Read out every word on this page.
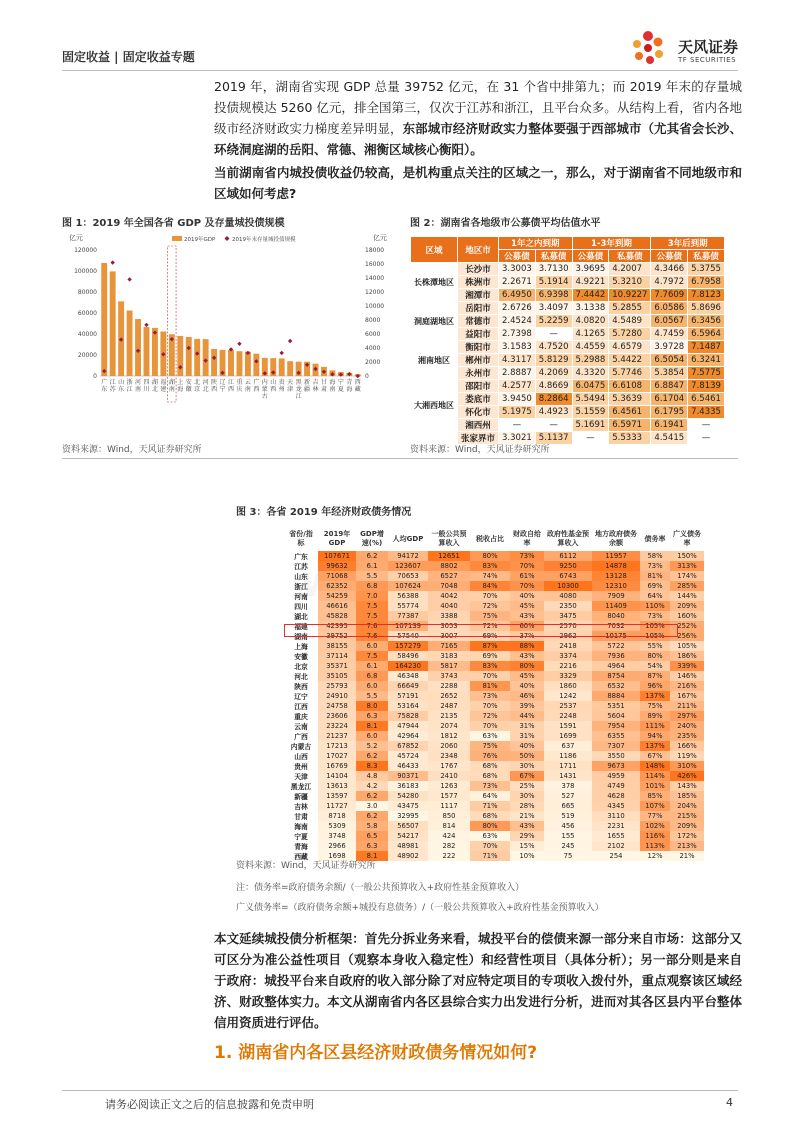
固定收益 | 固定收益专题
天风证券
TF SECURITIES
2019 年，湖南省实现 GDP 总量 39752 亿元，在 31 个省中排第九；而 2019 年末的存量城投债规模达 5260 亿元，排全国第三，仅次于江苏和浙江，且平台众多。从结构上看，省内各地级市经济财政实力梯度差异明显，东部城市经济财政实力整体要强于西部城市（尤其省会长沙、环绕洞庭湖的岳阳、常德、湘衡区域核心衡阳）。
当前湖南省内城投债收益仍较高，是机构重点关注的区域之一，那么，对于湖南省不同地级市和区域如何考虑?
图 1：2019 年全国各省 GDP 及存量城投债规模
亿元	亿元
0
20000
40000
60000
80000
100000
120000
0
2000
4000
6000
8000
10000
12000
14000
16000
18000
2019年GDP	2019年末存量城投债规模
广
东
江
苏
山
东
浙
江
河
南
四
川
湖
北
福
建
湖
南
上
海
安
徽
北
京
河
北
陕
西
辽
宁
江
西
重
庆
云
南
广
西
内
蒙
古
山
西
贵
州
天
津
黑
龙
江
新
疆
吉
林
甘
肃
海
南
宁
夏
青
海
西
藏
资料来源：Wind，天风证券研究所
图 2：湖南省各地级市公募债平均估值水平
区域	地区市	1年之内到期		1-3年到期		3年后到期	
		公募债	私募债	公募债	私募债	公募债	私募债
长株潭地区	长沙市	3.3003	3.7130	3.9695	4.2007	4.3466	5.3755
	株洲市	2.2671	5.1914	4.9221	5.3210	4.7972	6.7958
	湘潭市	6.4950	6.9398	7.4442	10.9227	7.7609	7.8123
洞庭湖地区	岳阳市	2.6726	3.4097	3.1338	5.2855	6.0586	5.8696
	常德市	2.4524	5.2259	4.0820	4.5489	6.0567	6.3456
	益阳市	2.7398	—	4.1265	5.7280	4.7459	6.5964
湘南地区	衡阳市	3.1583	4.7520	4.4559	4.6579	3.9728	7.1487
	郴州市	4.3117	5.8129	5.2988	5.4422	6.5054	6.3241
	永州市	2.8887	4.2069	4.3320	5.7746	5.3854	7.5775
大湘西地区	邵阳市	4.2577	4.8669	6.0475	6.6108	6.8847	7.8139
	娄底市	3.9450	8.2864	5.5494	5.3639	6.1704	6.5461
	怀化市	5.1975	4.4923	5.1559	6.4561	6.1795	7.4335
	湘西州	—	—	5.1691	6.5971	6.1941	—
	张家界市	3.3021	5.1137	—	5.5333	4.5415	—
资料来源：Wind，天风证券研究所
图 3：各省 2019 年经济财政债务情况
省份/指标	2019年GDP	GDP增速(%)	人均GDP	一般公共预算收入	税收占比	财政自给率	政府性基金预算收入	地方政府债务余额	债务率	广义债务率
广东	107671	6.2	94172	12651	80%	73%	6112	11957	58%	150%
江苏	99632	6.1	123607	8802	83%	70%	9250	14878	73%	313%
山东	71068	5.5	70653	6527	74%	61%	6743	13128	81%	174%
浙江	62352	6.8	107624	7048	84%	70%	10300	12310	69%	285%
河南	54259	7.0	56388	4042	70%	40%	4080	7909	64%	144%
四川	46616	7.5	55774	4040	72%	45%	2350	11409	110%	209%
湖北	45828	7.5	77387	3388	75%	43%	3475	8040	73%	160%
福建	42395	7.6	107139	3053	72%	60%	2570	7032	105%	252%
湖南	39752	7.6	57540	3007	69%	37%	2962	10175	105%	256%
上海	38155	6.0	157279	7165	87%	88%	2418	5722	55%	105%
安徽	37114	7.5	58496	3183	69%	43%	3374	7936	80%	186%
北京	35371	6.1	164230	5817	83%	80%	2216	4964	54%	339%
河北	35105	6.8	46348	3743	70%	45%	3329	8754	87%	146%
陕西	25793	6.0	66649	2288	81%	40%	1860	6532	96%	216%
辽宁	24910	5.5	57191	2652	73%	46%	1242	8884	137%	167%
江西	24758	8.0	53164	2487	70%	39%	2537	5351	75%	211%
重庆	23606	6.3	75828	2135	72%	44%	2248	5604	89%	297%
云南	23224	8.1	47944	2074	70%	31%	1591	7954	111%	240%
广西	21237	6.0	42964	1812	63%	31%	1699	6355	94%	235%
内蒙古	17213	5.2	67852	2060	75%	40%	637	7307	137%	166%
山西	17027	6.2	45724	2348	76%	50%	1186	3550	67%	119%
贵州	16769	8.3	46433	1767	68%	30%	1711	9673	148%	310%
天津	14104	4.8	90371	2410	68%	67%	1431	4959	114%	426%
黑龙江	13613	4.2	36183	1263	73%	25%	378	4749	101%	143%
新疆	13597	6.2	54280	1577	64%	30%	527	4628	85%	185%
吉林	11727	3.0	43475	1117	71%	28%	665	4345	107%	204%
甘肃	8718	6.2	32995	850	68%	21%	519	3110	77%	215%
海南	5309	5.8	56507	814	80%	43%	456	2231	102%	209%
宁夏	3748	6.5	54217	424	63%	29%	155	1655	116%	172%
青海	2966	6.3	48981	282	70%	15%	245	2102	113%	213%
西藏	1698	8.1	48902	222	71%	10%	75	254	12%	21%
资料来源：Wind，天风证券研究所
注：债务率=政府债务余额/（一般公共预算收入+政府性基金预算收入）
广义债务率=（政府债务余额+城投有息债务）/（一般公共预算收入+政府性基金预算收入）
本文延续城投债分析框架：首先分拆业务来看，城投平台的偿债来源一部分来自市场：这部分又可区分为准公益性项目（观察本身收入稳定性）和经营性项目（具体分析）；另一部分则是来自于政府：城投平台来自政府的收入部分除了对应特定项目的专项收入拨付外，重点观察该区域经济、财政整体实力。本文从湖南省内各区县综合实力出发进行分析，进而对其各区县内平台整体信用资质进行评估。
1. 湖南省内各区县经济财政债务情况如何?
请务必阅读正文之后的信息披露和免责申明	4
